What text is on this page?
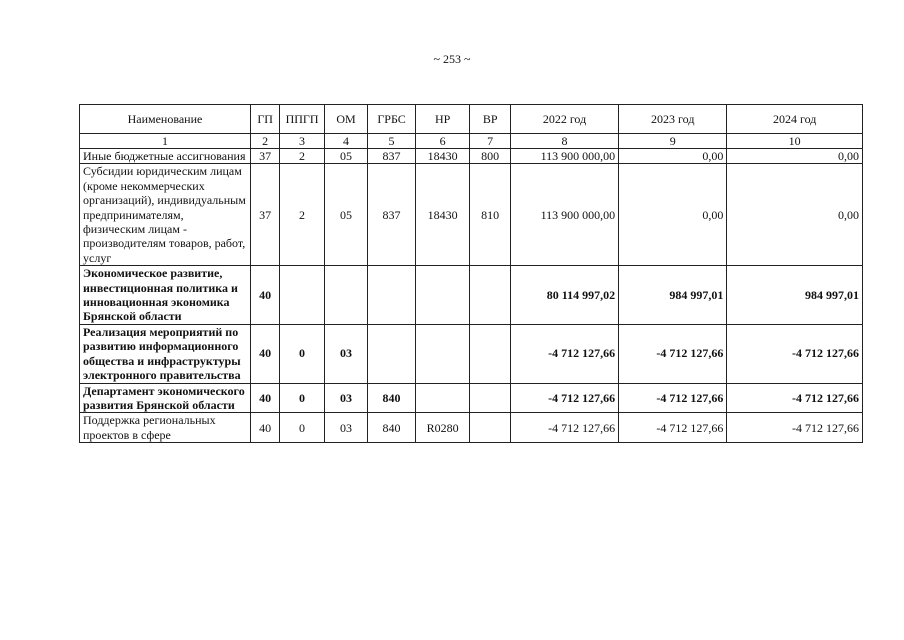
~ 253 ~
Наименование	ГП	ППГП	ОМ	ГРБС	НР	ВР	2022 год	2023 год	2024 год
1	2	3	4	5	6	7	8	9	10
Иные бюджетные ассигнования	37	2	05	837	18430	800	113 900 000,00	0,00	0,00
Субсидии юридическим лицам (кроме некоммерческих организаций), индивидуальным предпринимателям, физическим лицам - производителям товаров, работ, услуг	37	2	05	837	18430	810	113 900 000,00	0,00	0,00
Экономическое развитие, инвестиционная политика и инновационная экономика Брянской области	40						80 114 997,02	984 997,01	984 997,01
Реализация мероприятий по развитию информационного общества и инфраструктуры электронного правительства	40	0	03				-4 712 127,66	-4 712 127,66	-4 712 127,66
Департамент экономического развития Брянской области	40	0	03	840			-4 712 127,66	-4 712 127,66	-4 712 127,66
Поддержка региональных проектов в сфере	40	0	03	840	R0280		-4 712 127,66	-4 712 127,66	-4 712 127,66
